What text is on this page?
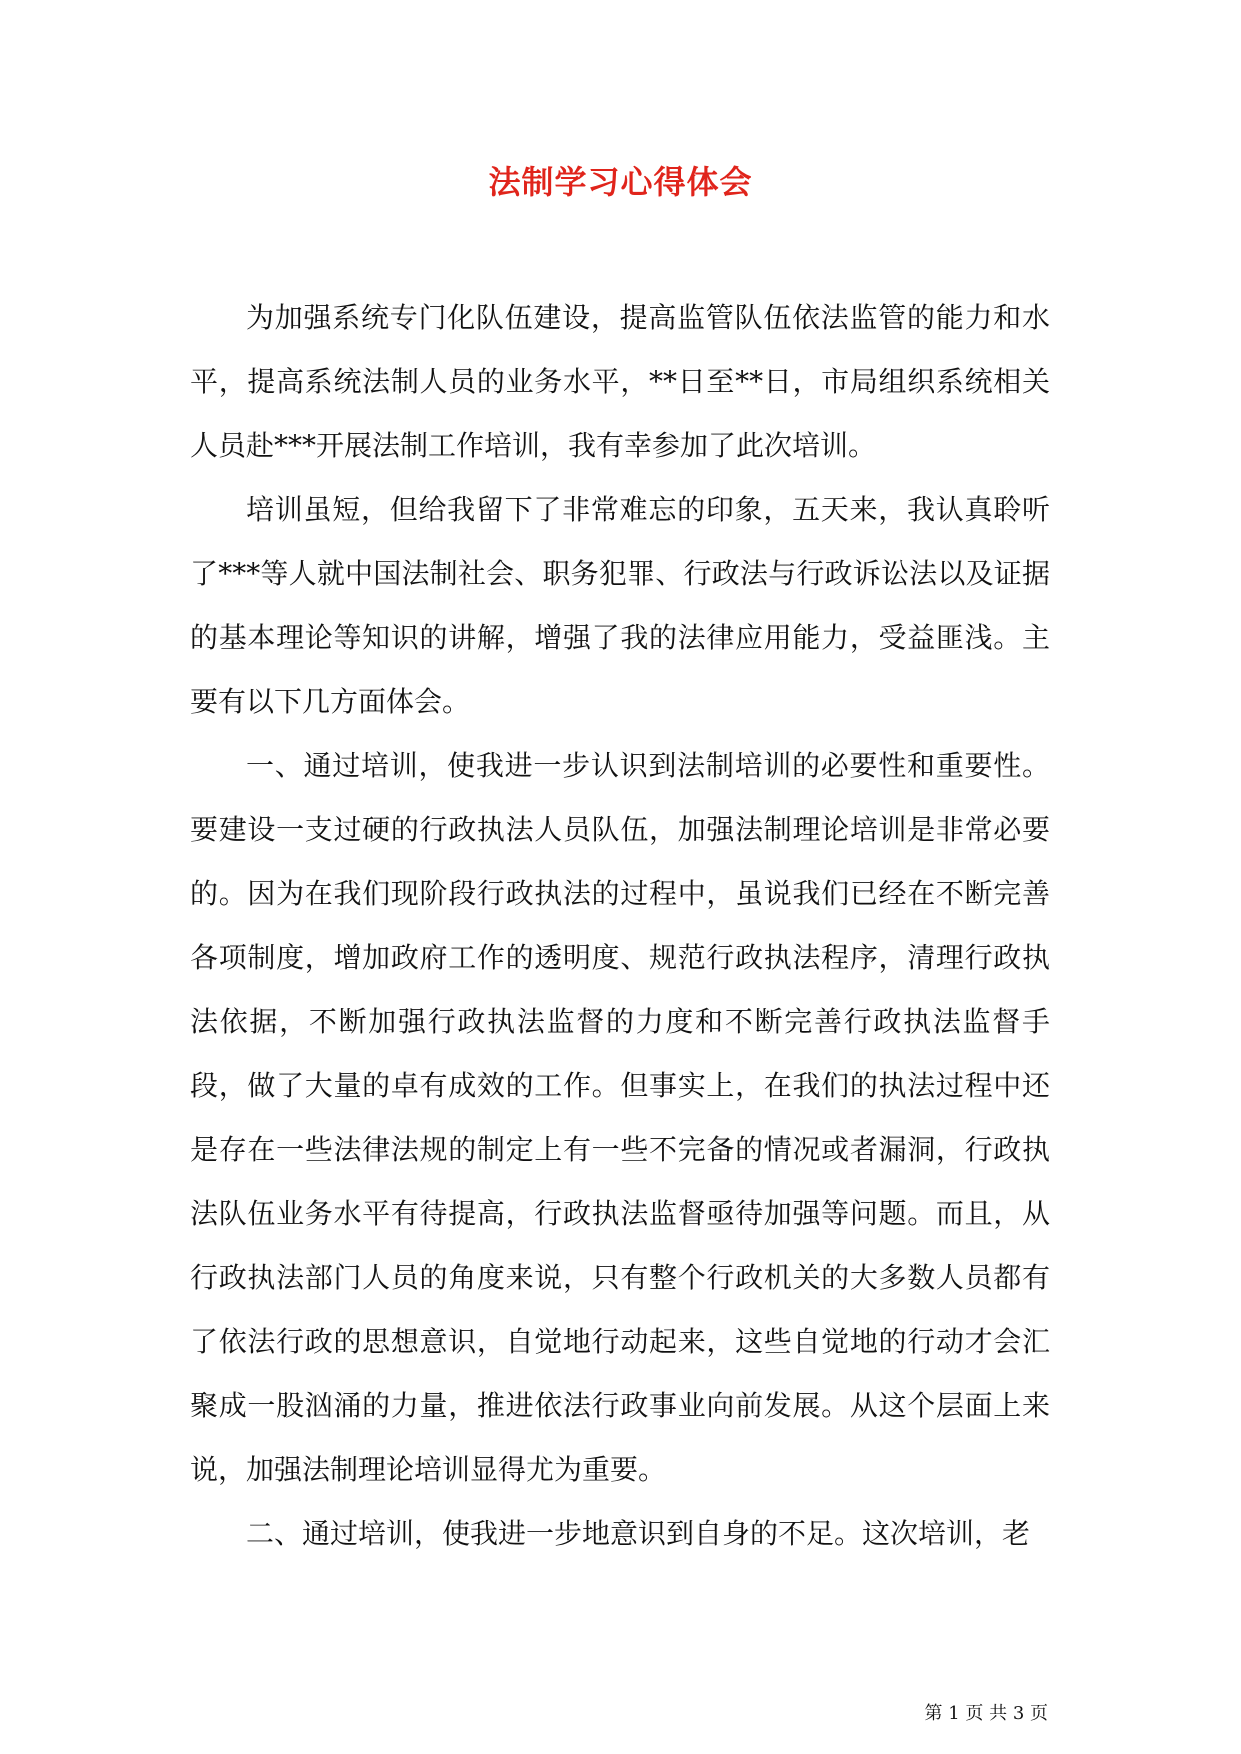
法制学习心得体会

为加强系统专门化队伍建设，提高监管队伍依法监管的能力和水平，提高系统法制人员的业务水平，**日至**日，市局组织系统相关人员赴***开展法制工作培训，我有幸参加了此次培训。

培训虽短，但给我留下了非常难忘的印象，五天来，我认真聆听了***等人就中国法制社会、职务犯罪、行政法与行政诉讼法以及证据的基本理论等知识的讲解，增强了我的法律应用能力，受益匪浅。主要有以下几方面体会。

一、通过培训，使我进一步认识到法制培训的必要性和重要性。要建设一支过硬的行政执法人员队伍，加强法制理论培训是非常必要的。因为在我们现阶段行政执法的过程中，虽说我们已经在不断完善各项制度，增加政府工作的透明度、规范行政执法程序，清理行政执法依据，不断加强行政执法监督的力度和不断完善行政执法监督手段，做了大量的卓有成效的工作。但事实上，在我们的执法过程中还是存在一些法律法规的制定上有一些不完备的情况或者漏洞，行政执法队伍业务水平有待提高，行政执法监督亟待加强等问题。而且，从行政执法部门人员的角度来说，只有整个行政机关的大多数人员都有了依法行政的思想意识，自觉地行动起来，这些自觉地的行动才会汇聚成一股汹涌的力量，推进依法行政事业向前发展。从这个层面上来说，加强法制理论培训显得尤为重要。

二、通过培训，使我进一步地意识到自身的不足。这次培训，老

第 1 页 共 3 页
